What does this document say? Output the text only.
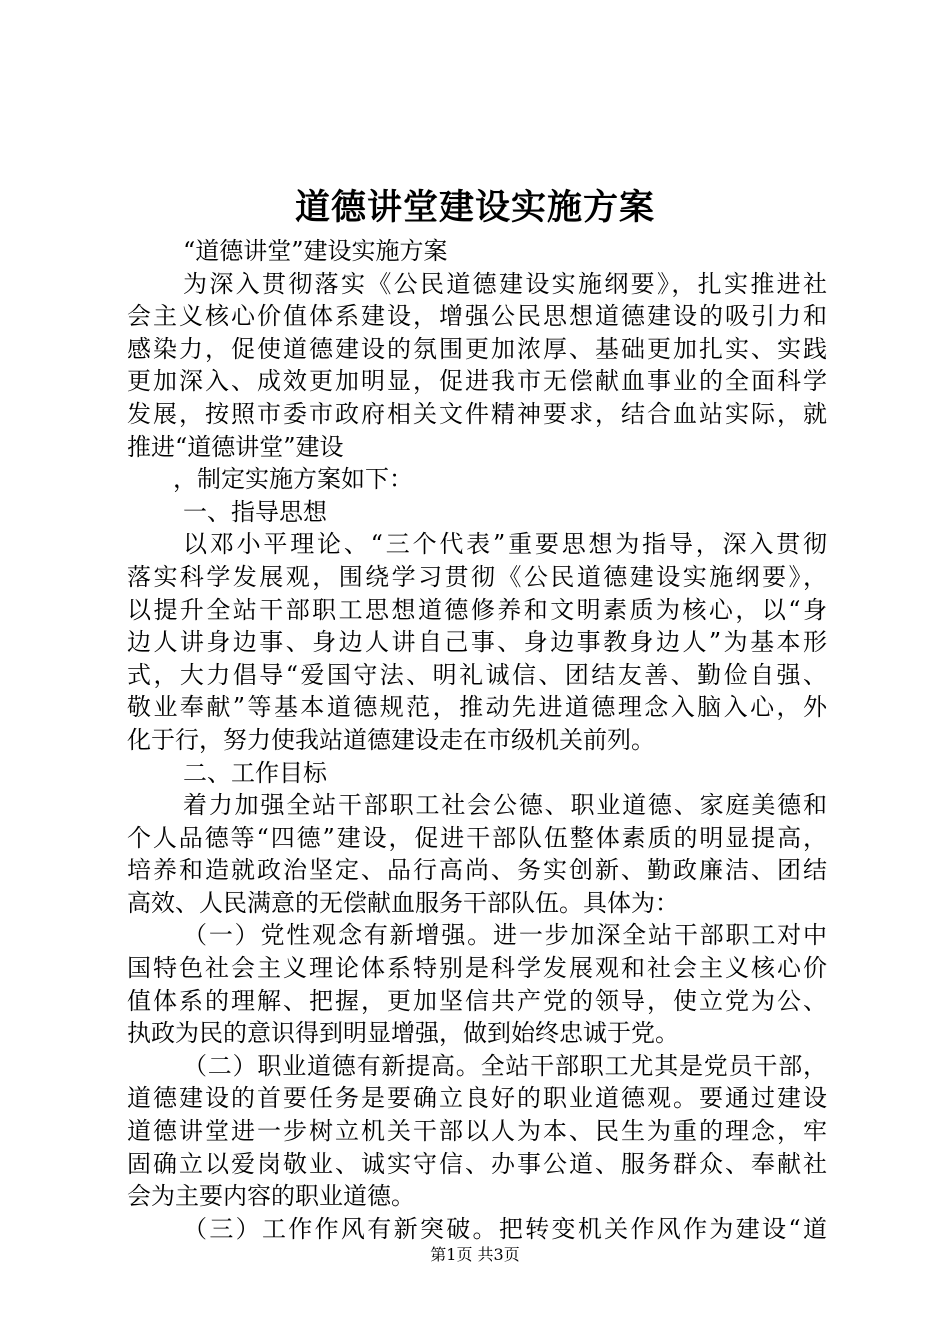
道德讲堂建设实施方案
“道德讲堂”建设实施方案
为深入贯彻落实《公民道德建设实施纲要》，扎实推进社
会主义核心价值体系建设，增强公民思想道德建设的吸引力和
感染力，促使道德建设的氛围更加浓厚、基础更加扎实、实践
更加深入、成效更加明显，促进我市无偿献血事业的全面科学
发展，按照市委市政府相关文件精神要求，结合血站实际，就
推进“道德讲堂”建设
，制定实施方案如下：
一、指导思想
以邓小平理论、“三个代表”重要思想为指导，深入贯彻
落实科学发展观，围绕学习贯彻《公民道德建设实施纲要》，
以提升全站干部职工思想道德修养和文明素质为核心，以“身
边人讲身边事、身边人讲自己事、身边事教身边人”为基本形
式，大力倡导“爱国守法、明礼诚信、团结友善、勤俭自强、
敬业奉献”等基本道德规范，推动先进道德理念入脑入心，外
化于行，努力使我站道德建设走在市级机关前列。
二、工作目标
着力加强全站干部职工社会公德、职业道德、家庭美德和
个人品德等“四德”建设，促进干部队伍整体素质的明显提高，
培养和造就政治坚定、品行高尚、务实创新、勤政廉洁、团结
高效、人民满意的无偿献血服务干部队伍。具体为：
（一）党性观念有新增强。进一步加深全站干部职工对中
国特色社会主义理论体系特别是科学发展观和社会主义核心价
值体系的理解、把握，更加坚信共产党的领导，使立党为公、
执政为民的意识得到明显增强，做到始终忠诚于党。
（二）职业道德有新提高。全站干部职工尤其是党员干部，
道德建设的首要任务是要确立良好的职业道德观。要通过建设
道德讲堂进一步树立机关干部以人为本、民生为重的理念，牢
固确立以爱岗敬业、诚实守信、办事公道、服务群众、奉献社
会为主要内容的职业道德。
（三）工作作风有新突破。把转变机关作风作为建设“道
第1页 共3页
